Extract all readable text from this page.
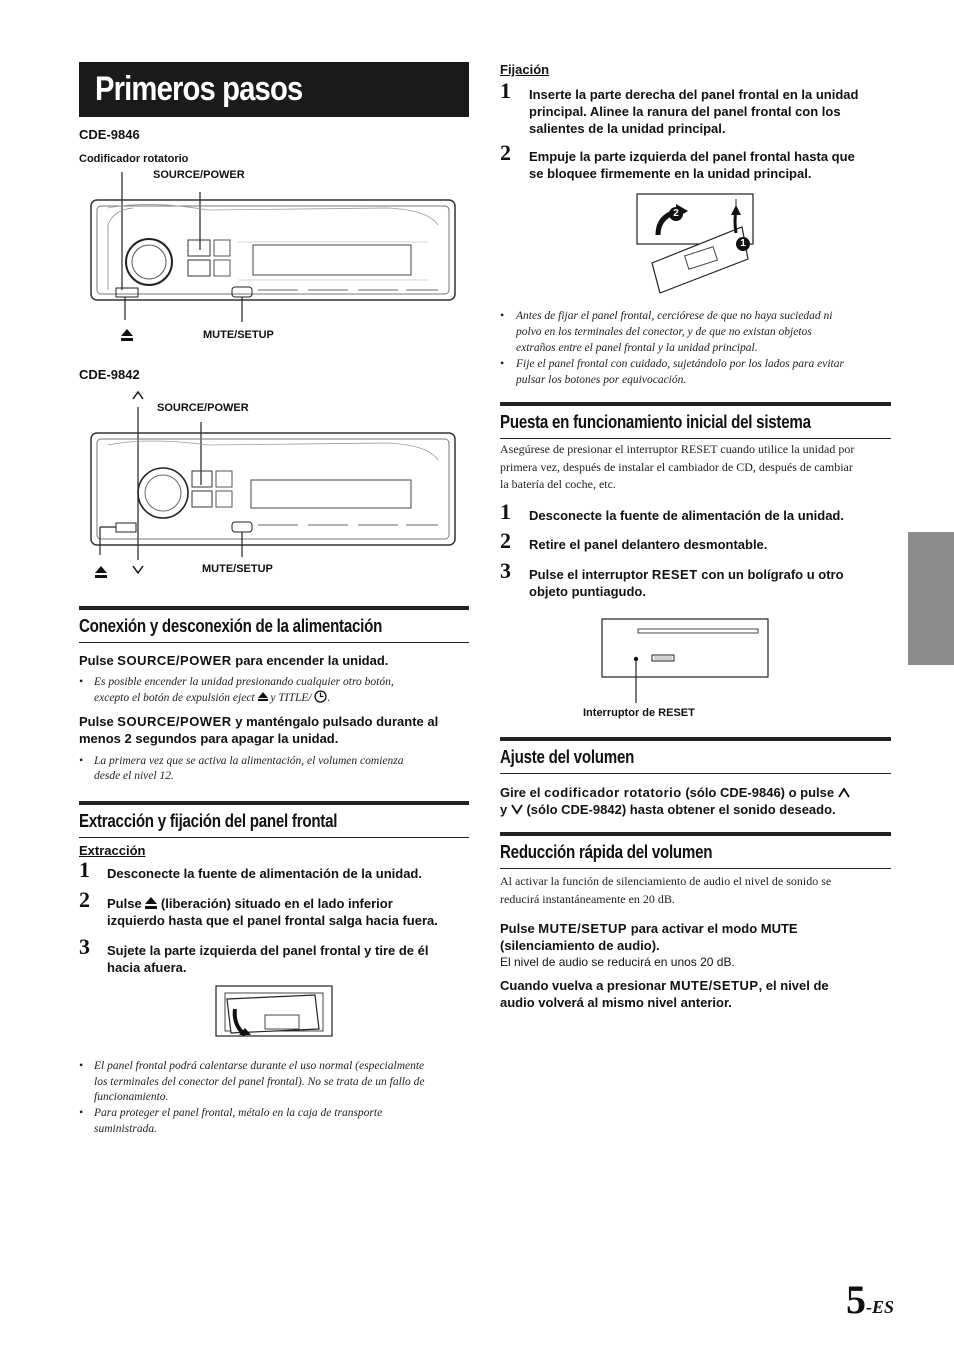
Primeros pasos
CDE-9846
Codificador rotatorio
SOURCE/POWER
MUTE/SETUP
CDE-9842
SOURCE/POWER
MUTE/SETUP
Conexión y desconexión de la alimentación
Pulse SOURCE/POWER para encender la unidad.
• Es posible encender la unidad presionando cualquier otro botón,
excepto el botón de expulsión eject  y TITLE/ .
Pulse SOURCE/POWER y manténgalo pulsado durante al
menos 2 segundos para apagar la unidad.
• La primera vez que se activa la alimentación, el volumen comienza
desde el nivel 12.
Extracción y fijación del panel frontal
Extracción
1 Desconecte la fuente de alimentación de la unidad.
2 Pulse  (liberación) situado en el lado inferior
izquierdo hasta que el panel frontal salga hacia fuera.
3 Sujete la parte izquierda del panel frontal y tire de él
hacia afuera.
• El panel frontal podrá calentarse durante el uso normal (especialmente
los terminales del conector del panel frontal). No se trata de un fallo de
funcionamiento.
• Para proteger el panel frontal, métalo en la caja de transporte
suministrada.
Fijación
1 Inserte la parte derecha del panel frontal en la unidad
principal. Alinee la ranura del panel frontal con los
salientes de la unidad principal.
2 Empuje la parte izquierda del panel frontal hasta que
se bloquee firmemente en la unidad principal.
2
1
• Antes de fijar el panel frontal, cerciórese de que no haya suciedad ni
polvo en los terminales del conector, y de que no existan objetos
extraños entre el panel frontal y la unidad principal.
• Fije el panel frontal con cuidado, sujetándolo por los lados para evitar
pulsar los botones por equivocación.
Puesta en funcionamiento inicial del sistema
Asegúrese de presionar el interruptor RESET cuando utilice la unidad por
primera vez, después de instalar el cambiador de CD, después de cambiar
la batería del coche, etc.
1 Desconecte la fuente de alimentación de la unidad.
2 Retire el panel delantero desmontable.
3 Pulse el interruptor RESET con un bolígrafo u otro
objeto puntiagudo.
Interruptor de RESET
Ajuste del volumen
Gire el codificador rotatorio (sólo CDE-9846) o pulse
y  (sólo CDE-9842) hasta obtener el sonido deseado.
Reducción rápida del volumen
Al activar la función de silenciamiento de audio el nivel de sonido se
reducirá instantáneamente en 20 dB.
Pulse MUTE/SETUP para activar el modo MUTE
(silenciamiento de audio).
El nivel de audio se reducirá en unos 20 dB.
Cuando vuelva a presionar MUTE/SETUP, el nivel de
audio volverá al mismo nivel anterior.
5-ES
